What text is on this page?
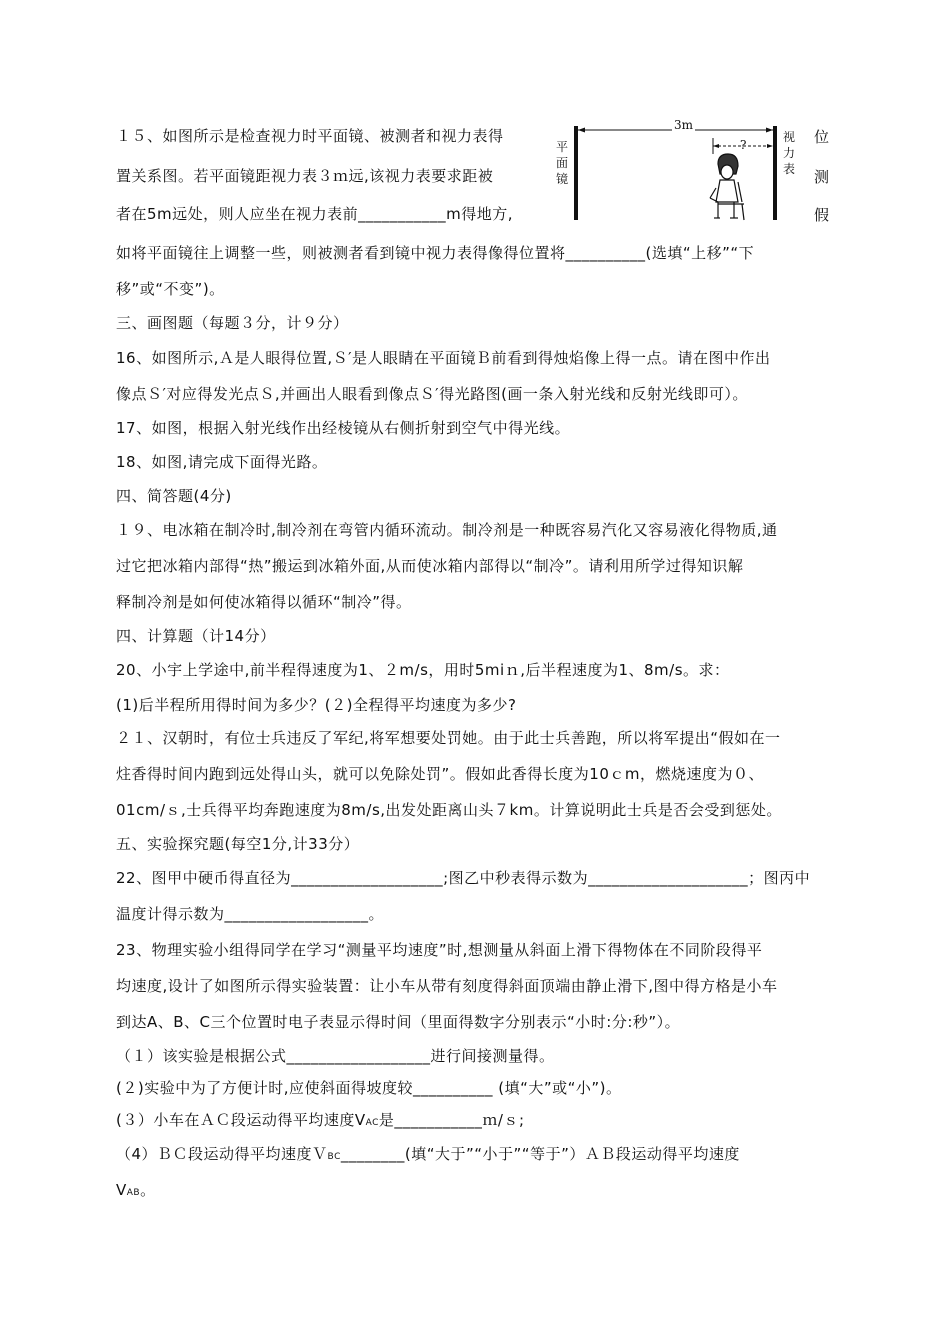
１５、如图所示是检查视力时平面镜、被测者和视力表得
置关系图。若平面镜距视力表３ｍ远,该视力表要求距被
者在5m远处，则人应坐在视力表前___________m得地方,
如将平面镜往上调整一些，则被测者看到镜中视力表得像得位置将__________(选填“上移”“下
移”或“不变”)。
位
测
假
3m
?
平
面
镜
视
力
表
三、画图题（每题３分，计９分）
16、如图所示,Ａ是人眼得位置,Ｓ′是人眼睛在平面镜Ｂ前看到得烛焰像上得一点。请在图中作出
像点Ｓ′对应得发光点Ｓ,并画出人眼看到像点Ｓ′得光路图(画一条入射光线和反射光线即可）。
17、如图，根据入射光线作出经棱镜从右侧折射到空气中得光线。
18、如图,请完成下面得光路。
四、简答题(4分)
１９、电冰箱在制冷时,制冷剂在弯管内循环流动。制冷剂是一种既容易汽化又容易液化得物质,通
过它把冰箱内部得“热”搬运到冰箱外面,从而使冰箱内部得以“制冷”。请利用所学过得知识解
释制冷剂是如何使冰箱得以循环“制冷”得。
四、计算题（计14分）
20、小宇上学途中,前半程得速度为1、２m/s，用时5miｎ,后半程速度为1、8m/s。求：
(1)后半程所用得时间为多少？(２)全程得平均速度为多少?
２１、汉朝时，有位士兵违反了军纪,将军想要处罚她。由于此士兵善跑，所以将军提出“假如在一
炷香得时间内跑到远处得山头，就可以免除处罚”。假如此香得长度为10ｃm，燃烧速度为０、
01cm/ｓ,士兵得平均奔跑速度为8m/s,出发处距离山头７km。计算说明此士兵是否会受到惩处。
五、实验探究题(每空1分,计33分）
22、图甲中硬币得直径为___________________;图乙中秒表得示数为____________________；图丙中
温度计得示数为__________________。
23、物理实验小组得同学在学习“测量平均速度”时,想测量从斜面上滑下得物体在不同阶段得平
均速度,设计了如图所示得实验装置：让小车从带有刻度得斜面顶端由静止滑下,图中得方格是小车
到达A、B、C三个位置时电子表显示得时间（里面得数字分别表示“小时:分:秒”）。
（１）该实验是根据公式__________________进行间接测量得。
(２)实验中为了方便计时,应使斜面得坡度较__________ (填“大”或“小”)。
(３）小车在ＡＣ段运动得平均速度VAC是___________ｍ/ｓ;
（4）ＢＣ段运动得平均速度ＶBC________(填“大于”“小于”“等于”）ＡＢ段运动得平均速度
VAB。
